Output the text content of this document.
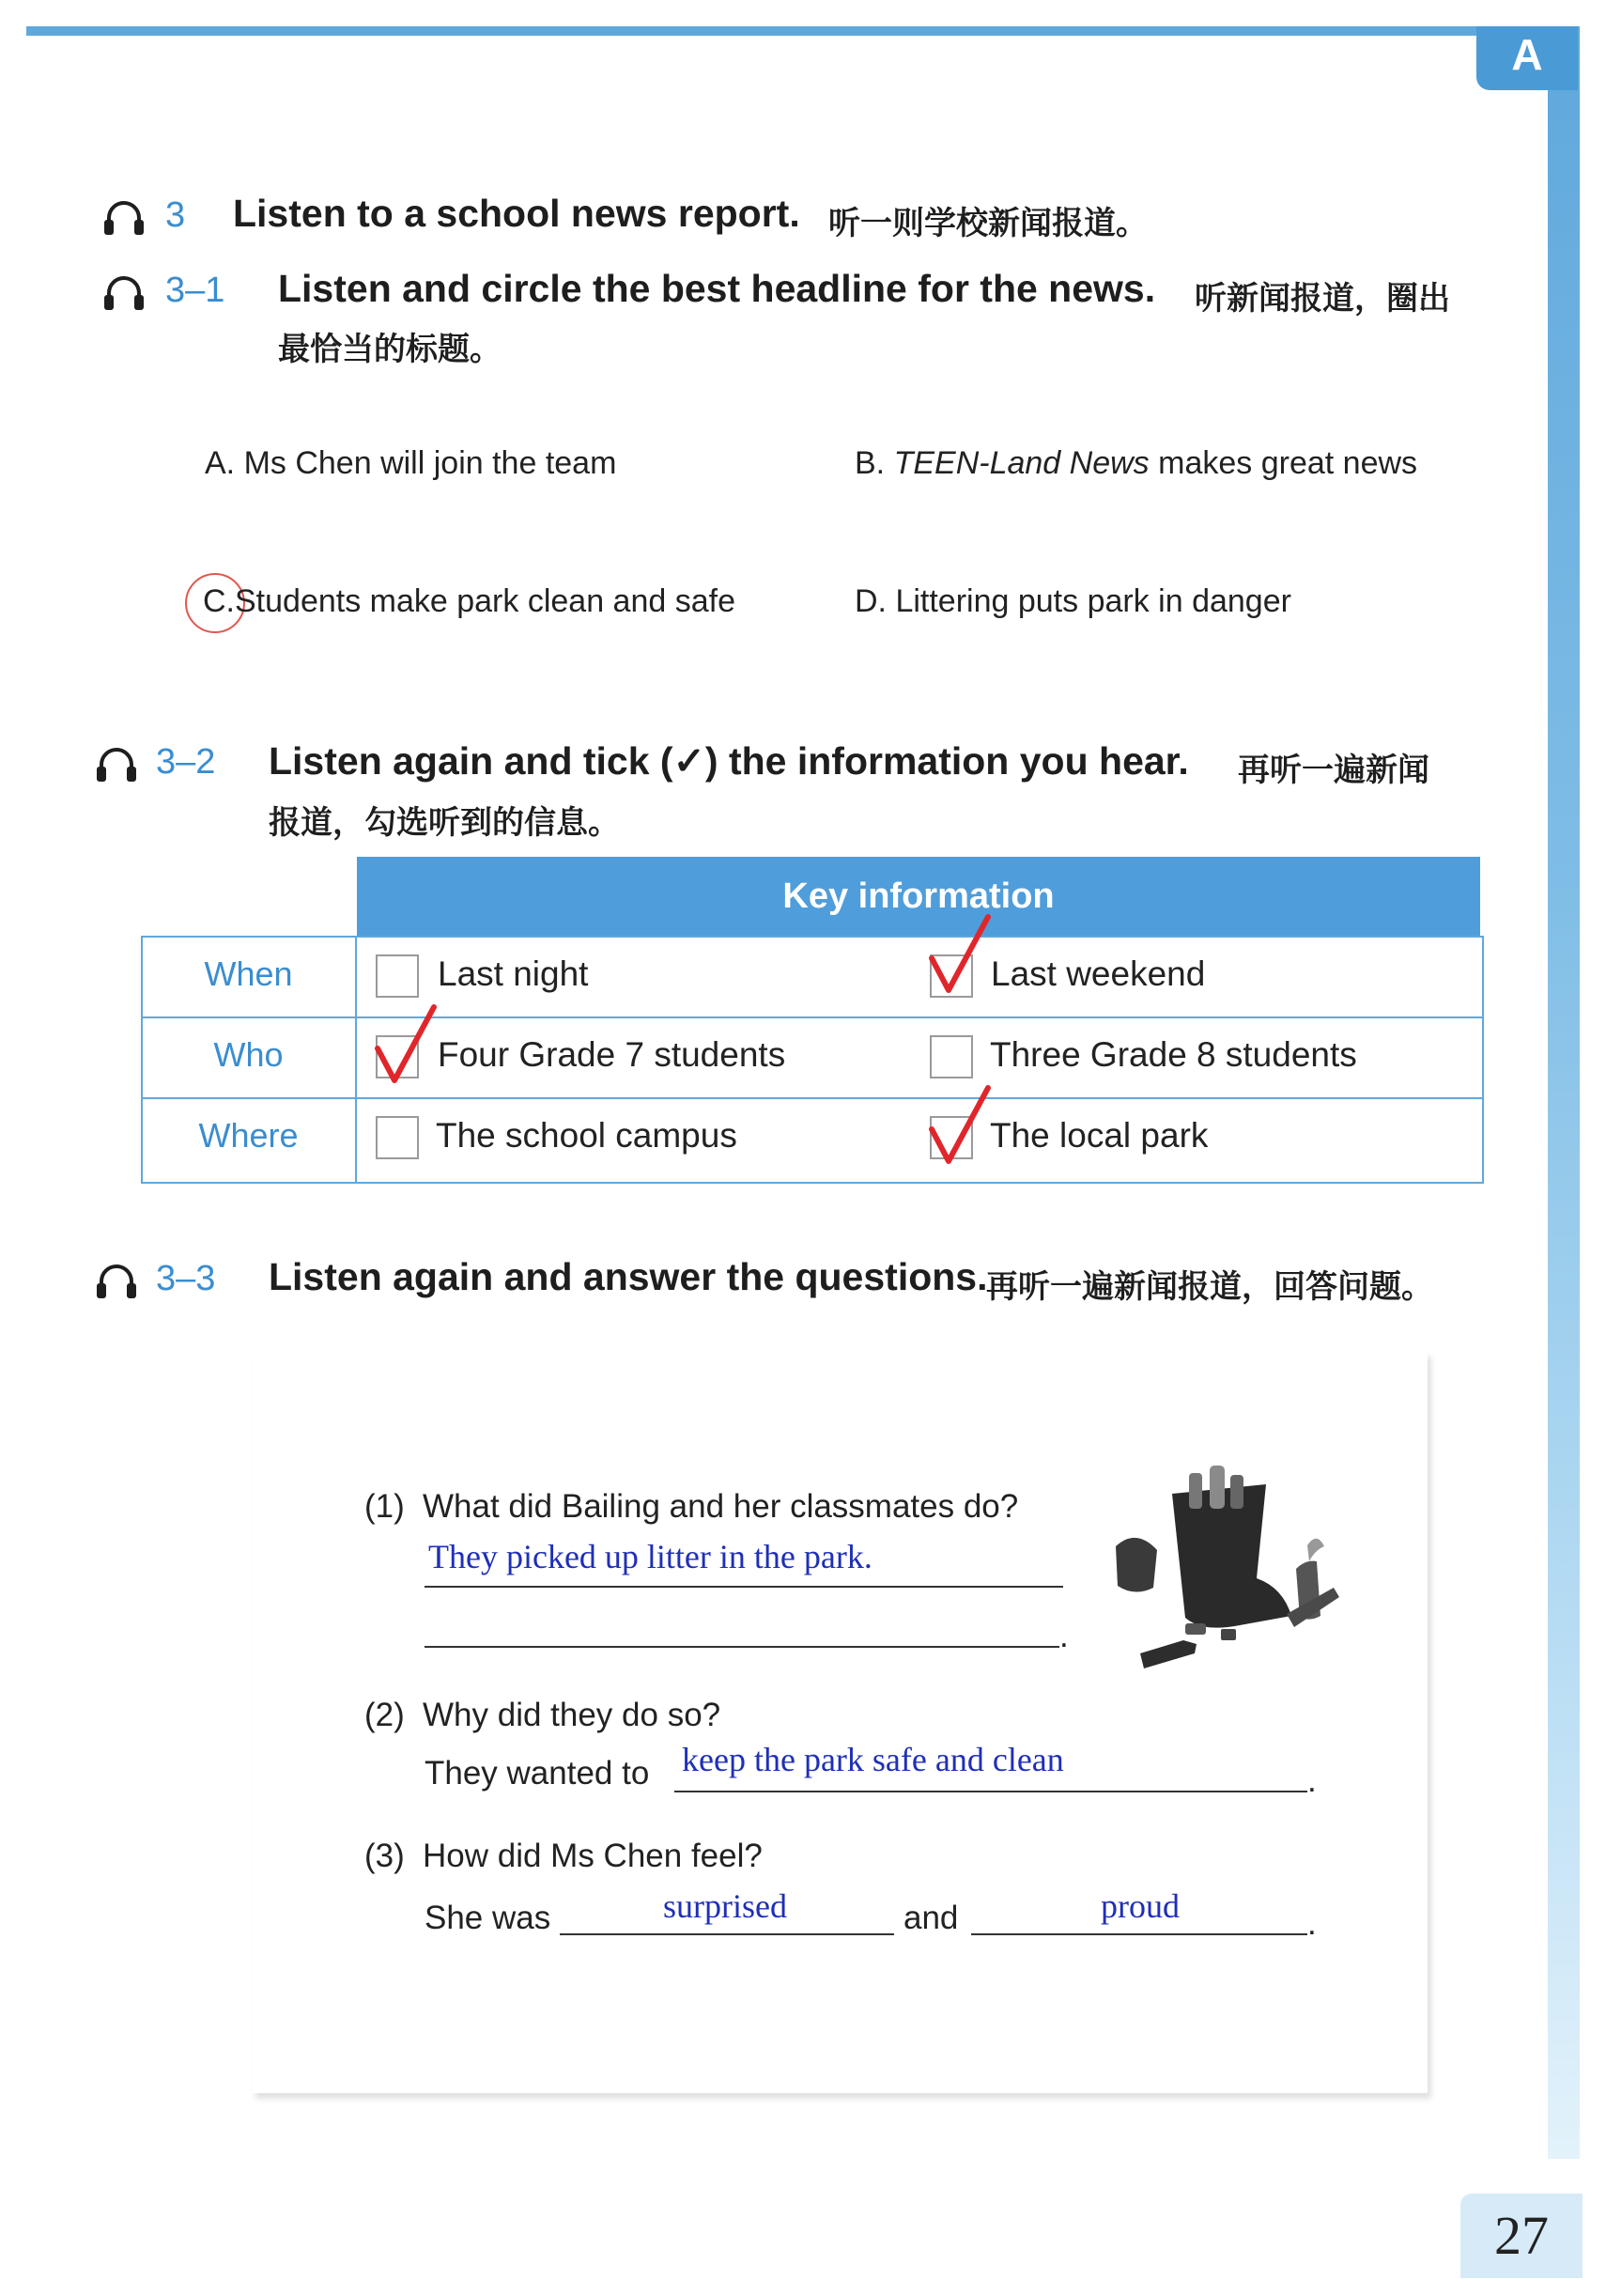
A
3 Listen to a school news report. 听一则学校新闻报道。
3–1 Listen and circle the best headline for the news. 听新闻报道，圈出
最恰当的标题。
A. Ms Chen will join the team	B. TEEN-Land News makes great news
C.Students make park clean and safe	D. Littering puts park in danger
3–2 Listen again and tick (✓) the information you hear. 再听一遍新闻
报道，勾选听到的信息。
Key information
When	Last night	Last weekend
Who	Four Grade 7 students	Three Grade 8 students
Where	The school campus	The local park
3–3 Listen again and answer the questions.
再听一遍新闻报道，回答问题。
(1) What did Bailing and her classmates do?
They picked up litter in the park.
.
(2) Why did they do so?
They wanted to keep the park safe and clean
.
(3) How did Ms Chen feel?
She was	surprised	and	proud	.
27
